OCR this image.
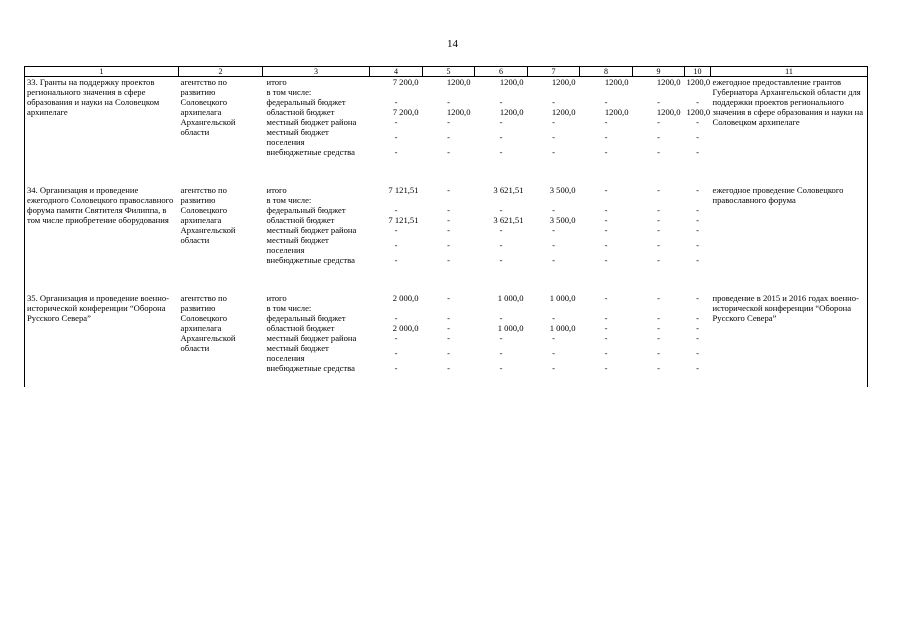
14
1	2	3	4	5	6	7	8	9	10	11
33. Гранты на поддержку проектов регионального значения в сфере образования и науки на Соловецком архипелаге	агентство по развитию Соловецкого архипелага Архангельской области	итого	7 200,0	1200,0	1200,0	1200,0	1200,0	1200,0	1200,0	ежегодное предоставление грантов Губернатора Архангельской области для поддержки проектов регионального значения в сфере образования и науки на Соловецком архипелаге
		в том числе:								
		федеральный бюджет	-	-	-	-	-	-	-	
		областной бюджет	7 200,0	1200,0	1200,0	1200,0	1200,0	1200,0	1200,0	
		местный бюджет района	-	-	-	-	-	-	-	
		местный бюджет поселения	-	-	-	-	-	-	-	
		внебюджетные средства	-	-	-	-	-	-	-	

34. Организация и проведение ежегодного Соловецкого православного форума памяти Святителя Филиппа, в том числе приобретение оборудования	агентство по развитию Соловецкого архипелага Архангельской области	итого	7 121,51	-	3 621,51	3 500,0	-	-	-	ежегодное проведение Соловецкого православного форума
		в том числе:								
		федеральный бюджет	-	-	-	-	-	-	-	
		областной бюджет	7 121,51	-	3 621,51	3 500,0	-	-	-	
		местный бюджет района	-	-	-	-	-	-	-	
		местный бюджет поселения	-	-	-	-	-	-	-	
		внебюджетные средства	-	-	-	-	-	-	-	

35. Организация и проведение военно-исторической конференции “Оборона Русского Севера”	агентство по развитию Соловецкого архипелага Архангельской области	итого	2 000,0	-	1 000,0	1 000,0	-	-	-	проведение в 2015 и 2016 годах военно-исторической конференции “Оборона Русского Севера”
		в том числе:								
		федеральный бюджет	-	-	-	-	-	-	-	
		областной бюджет	2 000,0	-	1 000,0	1 000,0	-	-	-	
		местный бюджет района	-	-	-	-	-	-	-	
		местный бюджет поселения	-	-	-	-	-	-	-	
		внебюджетные средства	-	-	-	-	-	-	-	
